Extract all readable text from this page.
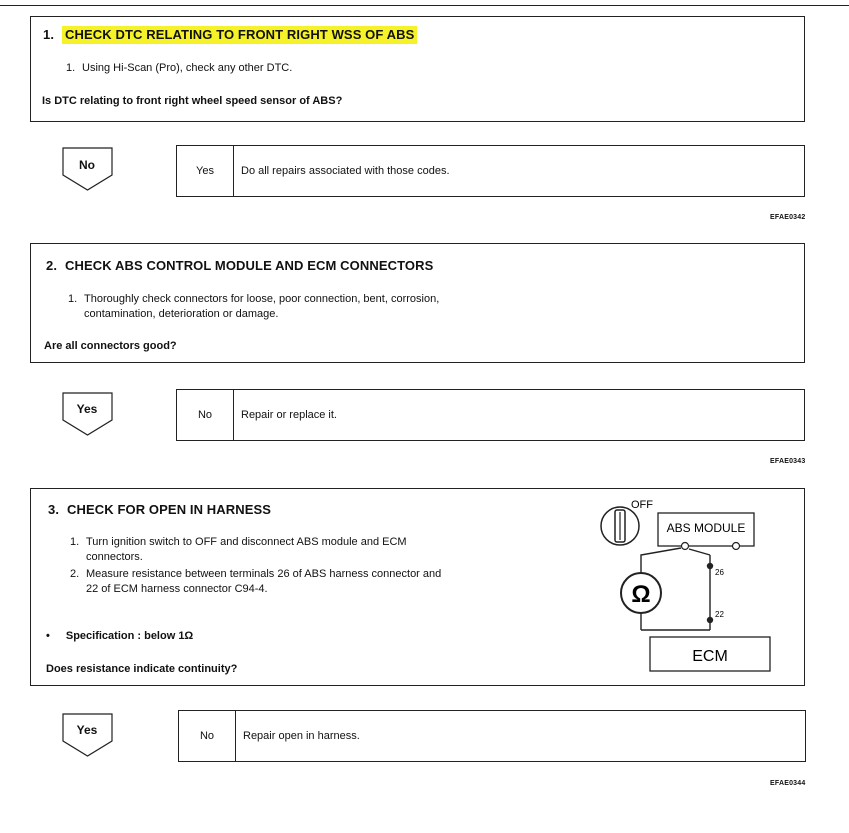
1. CHECK DTC RELATING TO FRONT RIGHT WSS OF ABS
1. Using Hi-Scan (Pro), check any other DTC.
Is DTC relating to front right wheel speed sensor of ABS?
No	Yes	Do all repairs associated with those codes.
EFAE0342
2. CHECK ABS CONTROL MODULE AND ECM CONNECTORS
1. Thoroughly check connectors for loose, poor connection, bent, corrosion,
contamination, deterioration or damage.
Are all connectors good?
Yes	No	Repair or replace it.
EFAE0343
3. CHECK FOR OPEN IN HARNESS
1. Turn ignition switch to OFF and disconnect ABS module and ECM
connectors.
2. Measure resistance between terminals 26 of ABS harness connector and
22 of ECM harness connector C94-4.
• Specification : below 1Ω
Does resistance indicate continuity?
OFF
ABS MODULE
Ω
26
22
ECM
Yes	No	Repair open in harness.
EFAE0344
